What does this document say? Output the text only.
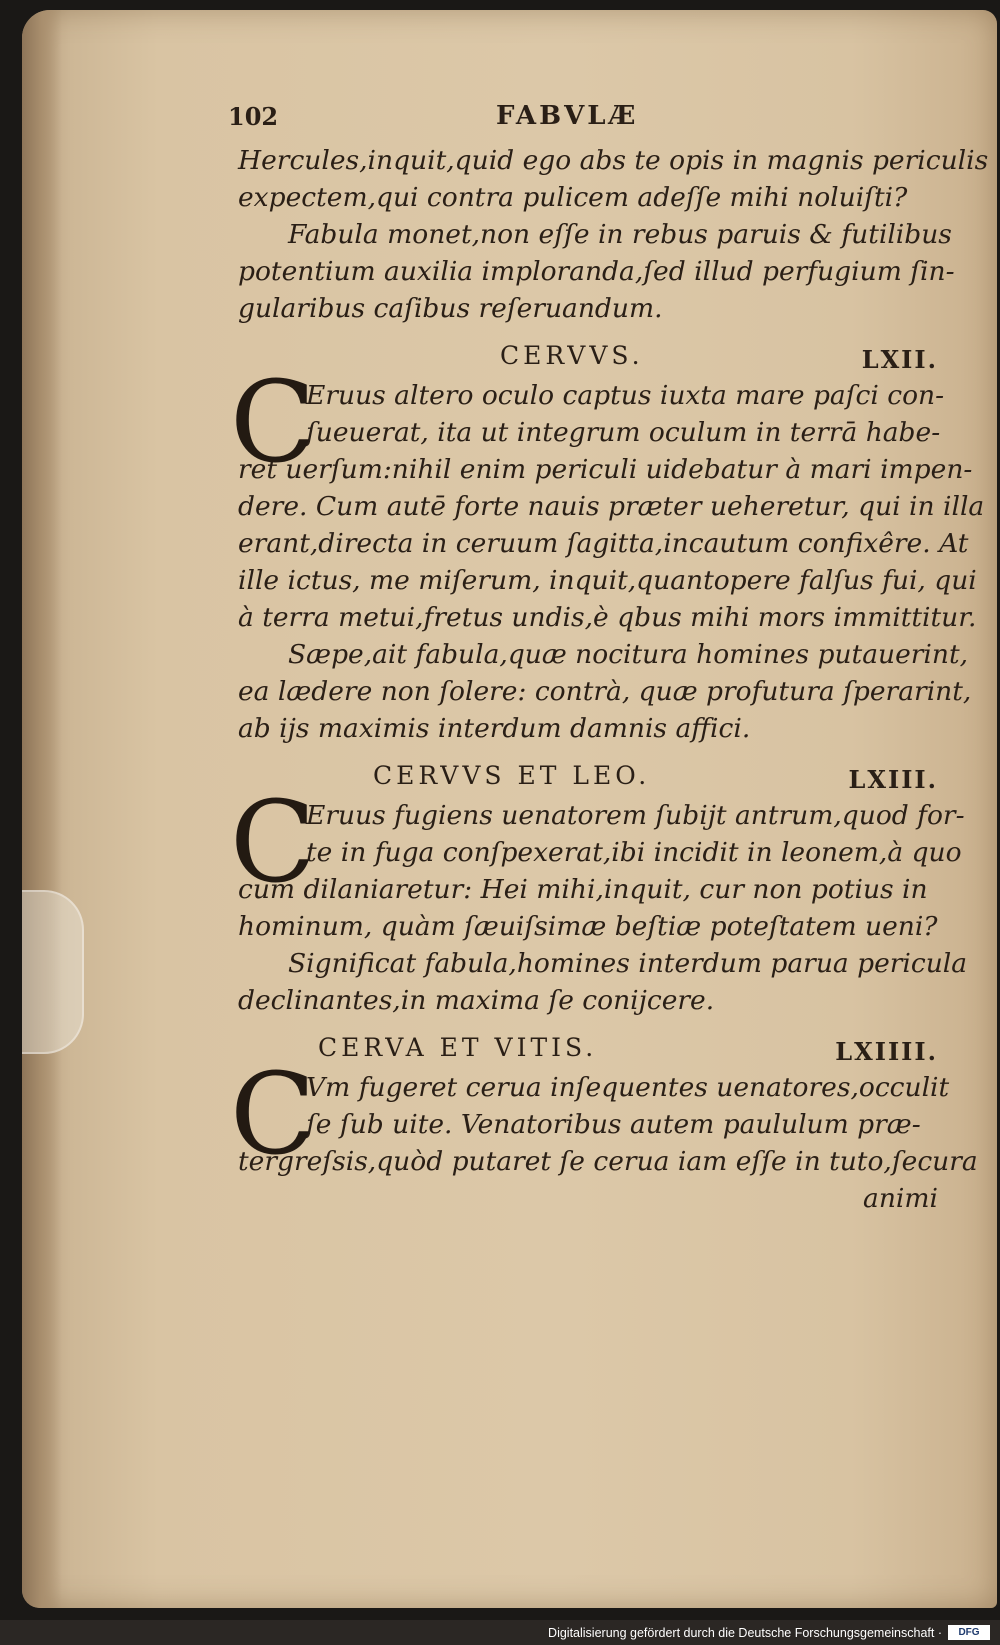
102	FABVLÆ
Hercules,inquit,quid ego abs te opis in magnis periculis
expectem,qui contra pulicem adeſſe mihi noluiſti?
Fabula monet,non eſſe in rebus paruis & futilibus
potentium auxilia imploranda,ſed illud perfugium ſin-
gularibus caſibus reſeruandum.
CERVVS.	LXII.
C
Eruus altero oculo captus iuxta mare paſci con-
ſueuerat, ita ut integrum oculum in terrā habe-
ret uerſum:nihil enim periculi uidebatur à mari impen-
dere. Cum autē forte nauis præter ueheretur, qui in illa
erant,directa in ceruum ſagitta,incautum confixêre. At
ille ictus, me miſerum, inquit,quantopere falſus fui, qui
à terra metui,fretus undis,è qbus mihi mors immittitur.
Sæpe,ait fabula,quæ nocitura homines putauerint,
ea lædere non ſolere: contrà, quæ profutura ſperarint,
ab ijs maximis interdum damnis affici.
CERVVS ET LEO.	LXIII.
C
Eruus fugiens uenatorem ſubijt antrum,quod for-
te in fuga conſpexerat,ibi incidit in leonem,à quo
cum dilaniaretur: Hei mihi,inquit, cur non potius in
hominum, quàm ſæuiſsimæ beſtiæ poteſtatem ueni?
Significat fabula,homines interdum parua pericula
declinantes,in maxima ſe conijcere.
CERVA ET VITIS.	LXIIII.
C
Vm fugeret cerua inſequentes uenatores,occulit
ſe ſub uite. Venatoribus autem paululum præ-
tergreſsis,quòd putaret ſe cerua iam eſſe in tuto,ſecura
animi
Digitalisierung gefördert durch die Deutsche Forschungsgemeinschaft ·	DFG
